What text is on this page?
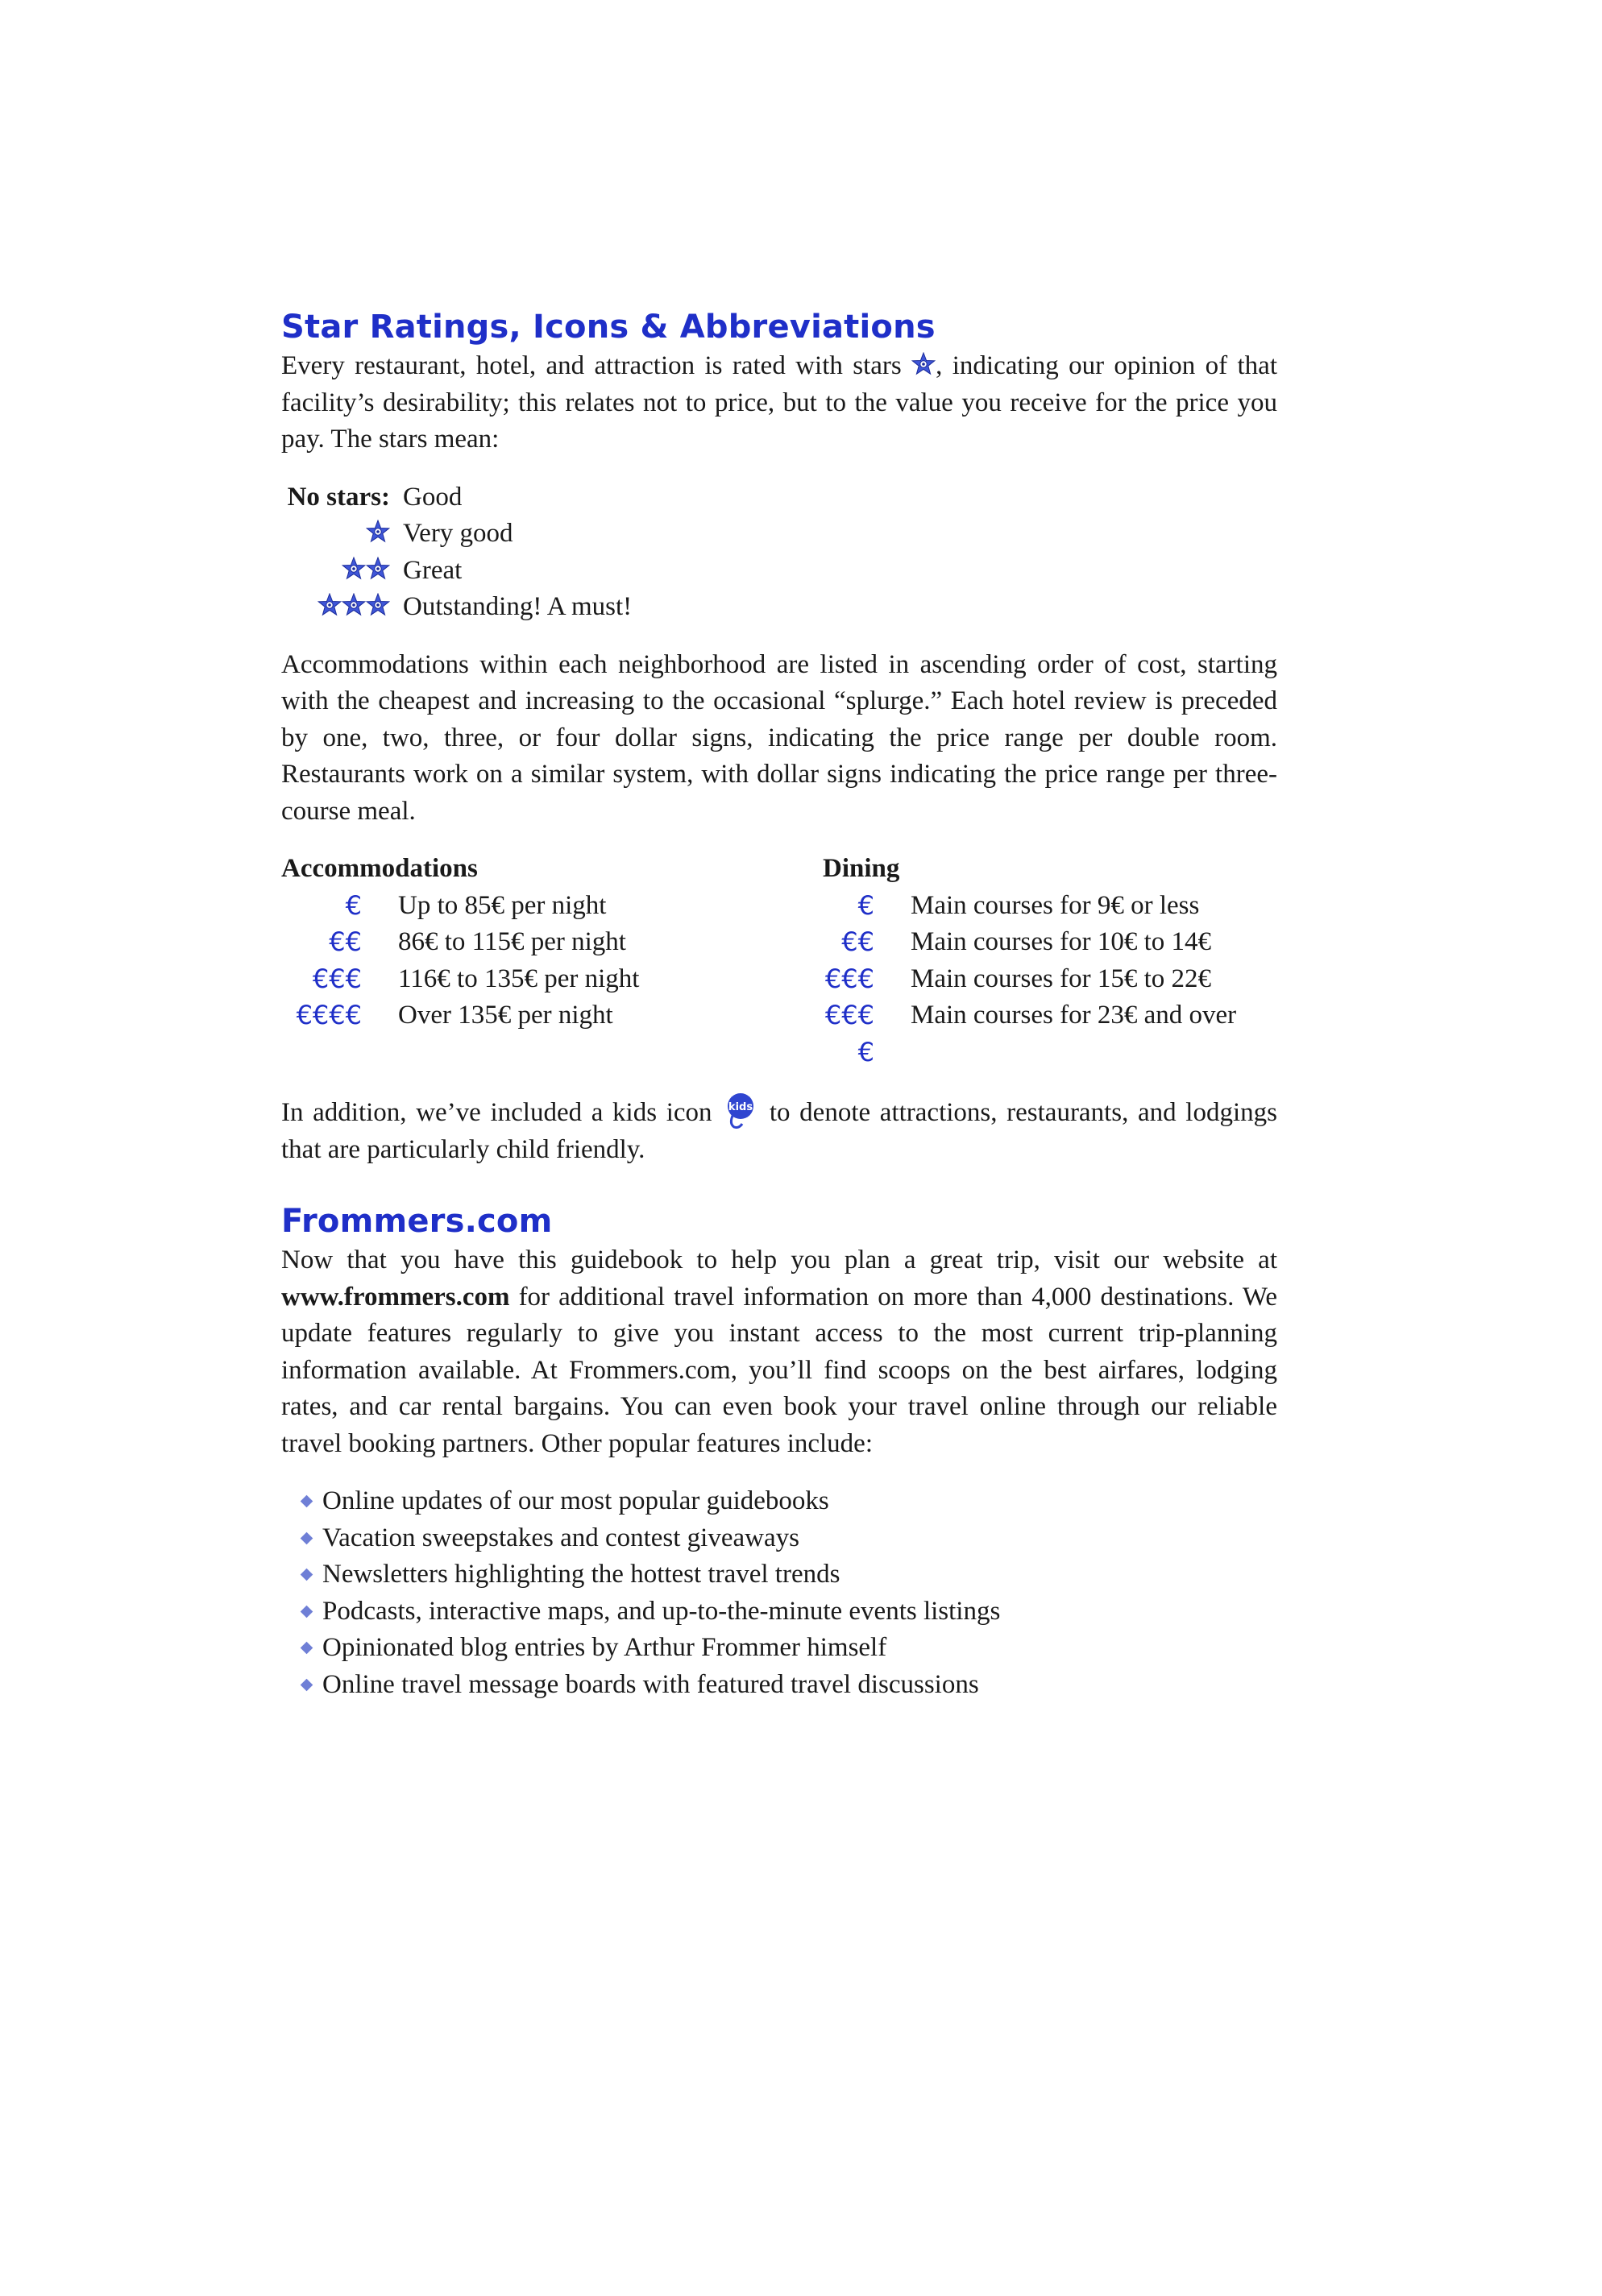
Star Ratings, Icons & Abbreviations

Every restaurant, hotel, and attraction is rated with stars , indicating our opinion of that facility’s desirability; this relates not to price, but to the value you receive for the price you pay. The stars mean:

No stars: Good
Very good
Great
Outstanding! A must!

Accommodations within each neighborhood are listed in ascending order of cost, starting with the cheapest and increasing to the occasional “splurge.” Each hotel review is preceded by one, two, three, or four dollar signs, indicating the price range per double room. Restaurants work on a similar system, with dollar signs indicating the price range per three-course meal.

Accommodations
€ Up to 85€ per night
€€ 86€ to 115€ per night
€€€ 116€ to 135€ per night
€€€€ Over 135€ per night
Dining
€ Main courses for 9€ or less
€€ Main courses for 10€ to 14€
€€€ Main courses for 15€ to 22€
€€€€
Main courses for 23€ and over

In addition, we’ve included a kids icon kids to denote attractions, restaurants, and lodgings that are particularly child friendly.

Frommers.com

Now that you have this guidebook to help you plan a great trip, visit our website at www.frommers.com for additional travel information on more than 4,000 destinations. We update features regularly to give you instant access to the most current trip-planning information available. At Frommers.com, you’ll find scoops on the best airfares, lodging rates, and car rental bargains. You can even book your travel online through our reliable travel booking partners. Other popular features include:

Online updates of our most popular guidebooks
Vacation sweepstakes and contest giveaways
Newsletters highlighting the hottest travel trends
Podcasts, interactive maps, and up-to-the-minute events listings
Opinionated blog entries by Arthur Frommer himself
Online travel message boards with featured travel discussions
